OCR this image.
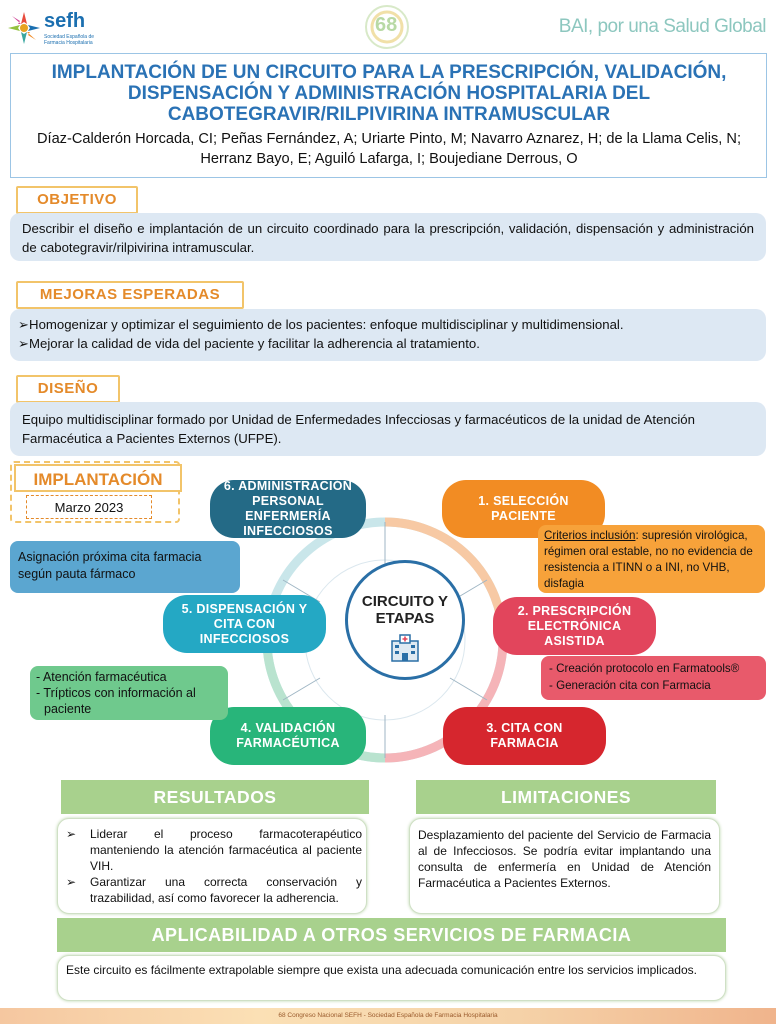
sefh
Sociedad Española de Farmacia Hospitalaria
68	BAI, por una Salud Global
IMPLANTACIÓN DE UN CIRCUITO PARA LA PRESCRIPCIÓN, VALIDACIÓN, DISPENSACIÓN Y ADMINISTRACIÓN HOSPITALARIA DEL CABOTEGRAVIR/RILPIVIRINA INTRAMUSCULAR
Díaz-Calderón Horcada, CI; Peñas Fernández, A; Uriarte Pinto, M; Navarro Aznarez, H; de la Llama Celis, N; Herranz Bayo, E; Aguiló Lafarga, I; Boujediane Derrous, O
OBJETIVO
Describir el diseño e implantación de un circuito coordinado para la prescripción, validación, dispensación y administración de cabotegravir/rilpivirina intramuscular.
MEJORAS ESPERADAS
➢Homogenizar y optimizar el seguimiento de los pacientes: enfoque multidisciplinar y multidimensional.
➢Mejorar la calidad de vida del paciente y facilitar la adherencia al tratamiento.
DISEÑO
Equipo multidisciplinar formado por Unidad de Enfermedades Infecciosas y farmacéuticos de la unidad de Atención Farmacéutica a Pacientes Externos (UFPE).
IMPLANTACIÓN
Marzo 2023
CIRCUITO Y
ETAPAS
1. SELECCIÓN PACIENTE
2. PRESCRIPCIÓN ELECTRÓNICA ASISTIDA
3. CITA CON FARMACIA
4. VALIDACIÓN FARMACÉUTICA
5. DISPENSACIÓN Y CITA CON INFECCIOSOS
6. ADMINISTRACIÓN PERSONAL ENFERMERÍA INFECCIOSOS	Criterios inclusión: supresión virológica, régimen oral estable, no no evidencia de resistencia a ITINN o a INI, no VHB, disfagia
- Creación protocolo en Farmatools®
- Generación cita con Farmacia
Asignación próxima cita farmacia según pauta fármaco
- Atención farmacéutica
- Trípticos con información al paciente
RESULTADOS	LIMITACIONES
➢	Liderar el proceso farmacoterapéutico manteniendo la atención farmacéutica al paciente VIH.
➢	Garantizar una correcta conservación y trazabilidad, así como favorecer la adherencia.
Desplazamiento del paciente del Servicio de Farmacia al de Infecciosos. Se podría evitar implantando una consulta de enfermería en Unidad de Atención Farmacéutica a Pacientes Externos.
APLICABILIDAD A OTROS SERVICIOS DE FARMACIA
Este circuito es fácilmente extrapolable siempre que exista una adecuada comunicación entre los servicios implicados.
68 Congreso Nacional SEFH - Sociedad Española de Farmacia Hospitalaria
